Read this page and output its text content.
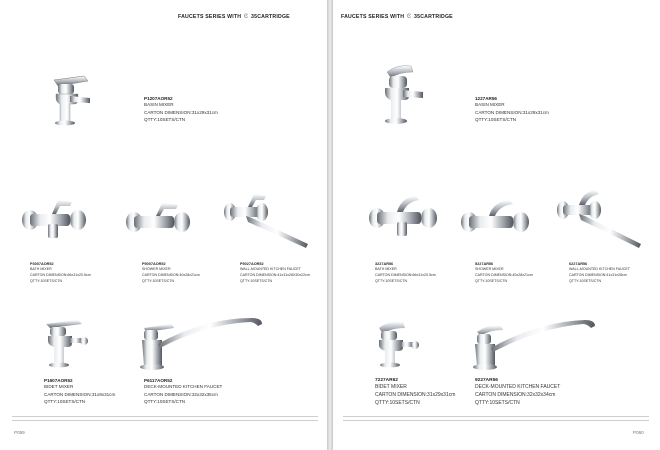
FAUCETS SERIES WITH Ͼ 35CARTRIDGE
P1207AOR52
BASIN MIXER
CARTON DIMENSION:31x29x31cm
QTTY:10SETS/CTN
P3007AOR52
BATH MIXER
CARTON DIMENSION:66x31x20.5cm
QTTY:10SETS/CTN
P5007AOR52
SHOWER MIXER
CARTON DIMENSION:40x28x21cm
QTTY:10SETS/CTN
P5027AOR52
WALL-MOUNTED KITCHEN FAUCET
CARTON DIMENSION:41x31x28X30x22cm
QTTY:10SETS/CTN
P1607AOR52
BIDET MIXER
CARTON DIMENSION:31x9x31cm
QTTY:10SETS/CTN
P6117AOR52
DECK-MOUNTED KITCHEN FAUCET
CARTON DIMENSION:32x32x35cm
QTTY:10SETS/CTN
P059
FAUCETS SERIES WITH Ͼ 35CARTRIDGE
1227AR56
BASIN MIXER
CARTON DIMENSION:31x29x31cm
QTTY:10SETS/CTN
3227AR56
BATH MIXER
CARTON DIMENSION:66x31x20.5cm
QTTY:10SETS/CTN
5227AR56
SHOWER MIXER
CARTON DIMENSION:40x28x21cm
QTTY:10SETS/CTN
6227AR56
WALL-MOUNTED KITCHEN FAUCET
CARTON DIMENSION:41x31x28cm
QTTY:10SETS/CTN
7227AR62
BIDET MIXER
CARTON DIMENSION:31x29x31cm
QTTY:10SETS/CTN
9227AR56
DECK-MOUNTED KITCHEN FAUCET
CARTON DIMENSION:32x32x34cm
QTTY:10SETS/CTN
P060
